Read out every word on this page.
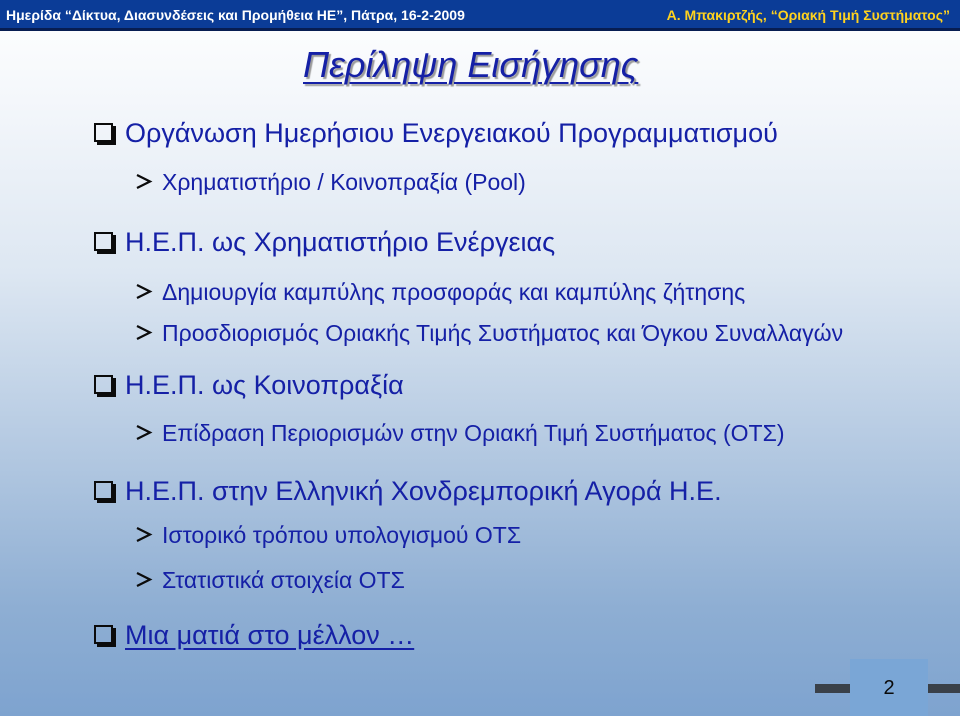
Ημερίδα “Δίκτυα, Διασυνδέσεις και Προμήθεια ΗΕ”, Πάτρα, 16-2-2009	Α. Μπακιρτζής, “Οριακή Τιμή Συστήματος”
Περίληψη Εισήγησης
Οργάνωση Ημερήσιου Ενεργειακού Προγραμματισμού
Χρηματιστήριο / Κοινοπραξία (Pool)
Η.Ε.Π. ως Χρηματιστήριο Ενέργειας
Δημιουργία καμπύλης προσφοράς και καμπύλης ζήτησης
Προσδιορισμός Οριακής Τιμής Συστήματος και Όγκου Συναλλαγών
Η.Ε.Π. ως Κοινοπραξία
Επίδραση Περιορισμών στην Οριακή Τιμή Συστήματος (ΟΤΣ)
Η.Ε.Π. στην Ελληνική Χονδρεμπορική Αγορά Η.Ε.
Ιστορικό τρόπου υπολογισμού ΟΤΣ
Στατιστικά στοιχεία ΟΤΣ
Μια ματιά στο μέλλον …
2
